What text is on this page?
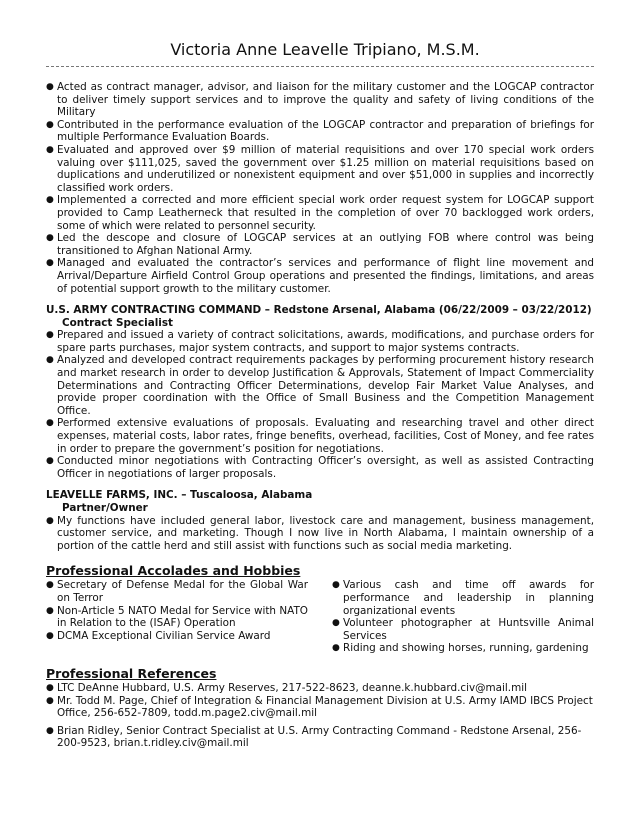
Victoria Anne Leavelle Tripiano, M.S.M.
● Acted as contract manager, advisor, and liaison for the military customer and the LOGCAP contractor to deliver timely support services and to improve the quality and safety of living conditions of the Military
● Contributed in the performance evaluation of the LOGCAP contractor and preparation of briefings for multiple Performance Evaluation Boards.
● Evaluated and approved over $9 million of material requisitions and over 170 special work orders valuing over $111,025, saved the government over $1.25 million on material requisitions based on duplications and underutilized or nonexistent equipment and over $51,000 in supplies and incorrectly classified work orders.
● Implemented a corrected and more efficient special work order request system for LOGCAP support provided to Camp Leatherneck that resulted in the completion of over 70 backlogged work orders, some of which were related to personnel security.
● Led the descope and closure of LOGCAP services at an outlying FOB where control was being transitioned to Afghan National Army.
● Managed and evaluated the contractor’s services and performance of flight line movement and Arrival/Departure Airfield Control Group operations and presented the findings, limitations, and areas of potential support growth to the military customer.
U.S. ARMY CONTRACTING COMMAND – Redstone Arsenal, Alabama (06/22/2009 – 03/22/2012)
Contract Specialist
● Prepared and issued a variety of contract solicitations, awards, modifications, and purchase orders for spare parts purchases, major system contracts, and support to major systems contracts.
● Analyzed and developed contract requirements packages by performing procurement history research and market research in order to develop Justification & Approvals, Statement of Impact Commerciality Determinations and Contracting Officer Determinations, develop Fair Market Value Analyses, and provide proper coordination with the Office of Small Business and the Competition Management Office.
● Performed extensive evaluations of proposals. Evaluating and researching travel and other direct expenses, material costs, labor rates, fringe benefits, overhead, facilities, Cost of Money, and fee rates in order to prepare the government’s position for negotiations.
● Conducted minor negotiations with Contracting Officer’s oversight, as well as assisted Contracting Officer in negotiations of larger proposals.
LEAVELLE FARMS, INC. – Tuscaloosa, Alabama
Partner/Owner
● My functions have included general labor, livestock care and management, business management, customer service, and marketing. Though I now live in North Alabama, I maintain ownership of a portion of the cattle herd and still assist with functions such as social media marketing.
Professional Accolades and Hobbies
● Secretary of Defense Medal for the Global War on Terror
● Non-Article 5 NATO Medal for Service with NATO in Relation to the (ISAF) Operation
● DCMA Exceptional Civilian Service Award
● Various cash and time off awards for performance and leadership in planning organizational events
● Volunteer photographer at Huntsville Animal Services
● Riding and showing horses, running, gardening
Professional References
● LTC DeAnne Hubbard, U.S. Army Reserves, 217-522-8623, deanne.k.hubbard.civ@mail.mil
● Mr. Todd M. Page, Chief of Integration & Financial Management Division at U.S. Army IAMD IBCS Project Office, 256-652-7809, todd.m.page2.civ@mail.mil
● Brian Ridley, Senior Contract Specialist at U.S. Army Contracting Command - Redstone Arsenal, 256-200-9523, brian.t.ridley.civ@mail.mil
